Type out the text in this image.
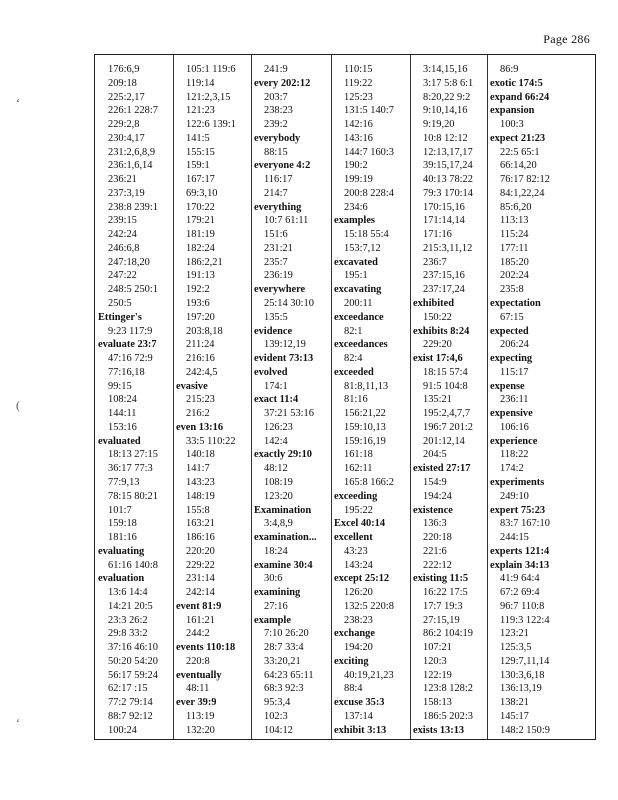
Page 286
‘
(
‘
176:6,9
209:18
225:2,17
226:1 228:7
229:2,8
230:4,17
231:2,6,8,9
236:1,6,14
236:21
237:3,19
238:8 239:1
239:15
242:24
246:6,8
247:18,20
247:22
248:5 250:1
250:5
Ettinger's
9:23 117:9
evaluate 23:7
47:16 72:9
77:16,18
99:15
108:24
144:11
153:16
evaluated
18:13 27:15
36:17 77:3
77:9,13
78:15 80:21
101:7
159:18
181:16
evaluating
61:16 140:8
evaluation
13:6 14:4
14:21 20:5
23:3 26:2
29:8 33:2
37:16 46:10
50:20 54:20
56:17 59:24
62:17 :15
77:2 79:14
88:7 92:12
100:24
105:1 119:6
119:14
121:2,3,15
121:23
122:6 139:1
141:5
155:15
159:1
167:17
69:3,10
170:22
179:21
181:19
182:24
186:2,21
191:13
192:2
193:6
197:20
203:8,18
211:24
216:16
242:4,5
evasive
215:23
216:2
even 13:16
33:5 110:22
140:18
141:7
143:23
148:19
155:8
163:21
186:16
220:20
229:22
231:14
242:14
event 81:9
161:21
244:2
events 110:18
220:8
eventually
48:11
ever 39:9
113:19
132:20
241:9
every 202:12
203:7
238:23
239:2
everybody
88:15
everyone 4:2
116:17
214:7
everything
10:7 61:11
151:6
231:21
235:7
236:19
everywhere
25:14 30:10
135:5
evidence
139:12,19
evident 73:13
evolved
174:1
exact 11:4
37:21 53:16
126:23
142:4
exactly 29:10
48:12
108:19
123:20
Examination
3:4,8,9
examination...
18:24
examine 30:4
30:6
examining
27:16
example
7:10 26:20
28:7 33:4
33:20,21
64:23 65:11
68:3 92:3
95:3,4
102:3
104:12
110:15
119:22
125:23
131:5 140:7
142:16
143:16
144:7 160:3
190:2
199:19
200:8 228:4
234:6
examples
15:18 55:4
153:7,12
excavated
195:1
excavating
200:11
exceedance
82:1
exceedances
82:4
exceeded
81:8,11,13
81:16
156:21,22
159:10,13
159:16,19
161:18
162:11
165:8 166:2
exceeding
195:22
Excel 40:14
excellent
43:23
143:24
except 25:12
126:20
132:5 220:8
238:23
exchange
194:20
exciting
40:19,21,23
88:4
excuse 35:3
137:14
exhibit 3:13
3:14,15,16
3:17 5:8 6:1
8:20,22 9:2
9:10,14,16
9:19,20
10:8 12:12
12:13,17,17
39:15,17,24
40:13 78:22
79:3 170:14
170:15,16
171:14,14
171:16
215:3,11,12
236:7
237:15,16
237:17,24
exhibited
150:22
exhibits 8:24
229:20
exist 17:4,6
18:15 57:4
91:5 104:8
135:21
195:2,4,7,7
196:7 201:2
201:12,14
204:5
existed 27:17
154:9
194:24
existence
136:3
220:18
221:6
222:12
existing 11:5
16:22 17:5
17:7 19:3
27:15,19
86:2 104:19
107:21
120:3
122:19
123:8 128:2
158:13
186:5 202:3
exists 13:13
86:9
exotic 174:5
expand 66:24
expansion
100:3
expect 21:23
22:5 65:1
66:14,20
76:17 82:12
84:1,22,24
85:6,20
113:13
115:24
177:11
185:20
202:24
235:8
expectation
67:15
expected
206:24
expecting
115:17
expense
236:11
expensive
106:16
experience
118:22
174:2
experiments
249:10
expert 75:23
83:7 167:10
244:15
experts 121:4
explain 34:13
41:9 64:4
67:2 69:4
96:7 110:8
119:3 122:4
123:21
125:3,5
129:7,11,14
130:3,6,18
136:13,19
138:21
145:17
148:2 150:9
